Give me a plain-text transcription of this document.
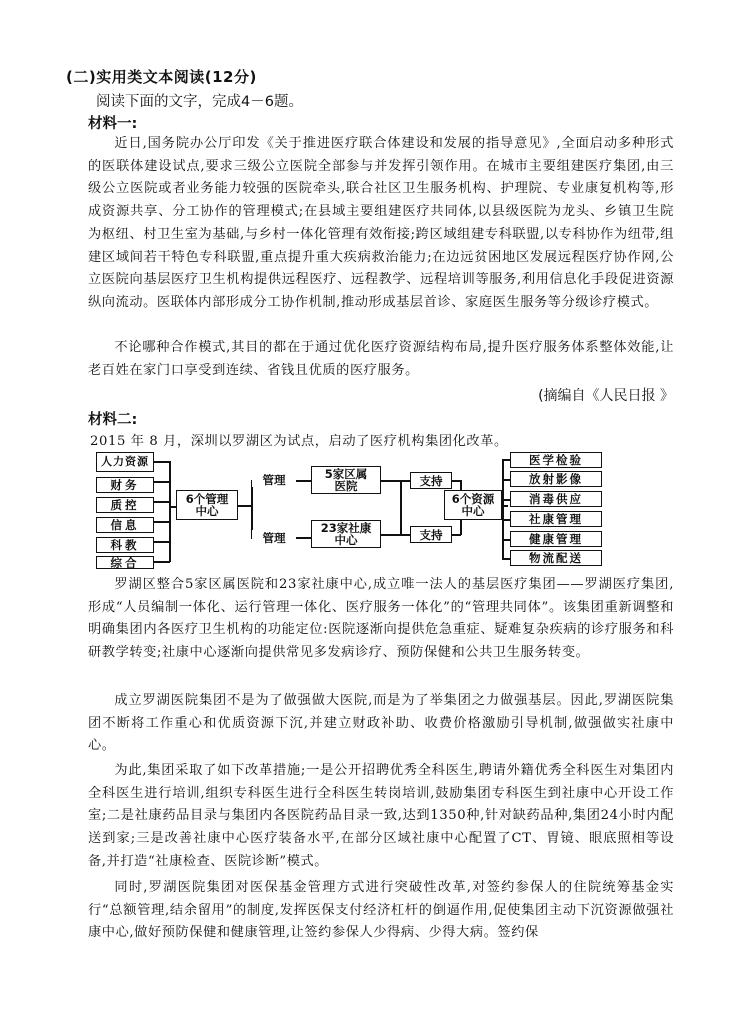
(二)实用类文本阅读(12分)
阅读下面的文字，完成4－6题。
材料一:
近日,国务院办公厅印发《关于推进医疗联合体建设和发展的指导意见》,全面启动多种形式的医联体建设试点,要求三级公立医院全部参与并发挥引领作用。在城市主要组建医疗集团,由三级公立医院或者业务能力较强的医院牵头,联合社区卫生服务机构、护理院、专业康复机构等,形成资源共享、分工协作的管理模式;在县域主要组建医疗共同体,以县级医院为龙头、乡镇卫生院为枢纽、村卫生室为基础,与乡村一体化管理有效衔接;跨区域组建专科联盟,以专科协作为纽带,组建区域间若干特色专科联盟,重点提升重大疾病救治能力;在边远贫困地区发展远程医疗协作网,公立医院向基层医疗卫生机构提供远程医疗、远程教学、远程培训等服务,利用信息化手段促进资源纵向流动。医联体内部形成分工协作机制,推动形成基层首诊、家庭医生服务等分级诊疗模式。
不论哪种合作模式,其目的都在于通过优化医疗资源结构布局,提升医疗服务体系整体效能,让老百姓在家门口享受到连续、省钱且优质的医疗服务。
(摘编自《人民日报 》
材料二:
2015 年 8 月，深圳以罗湖区为试点，启动了医疗机构集团化改革。
人力资源
财务
质控
信息
科教
综合
6个管理中心
管理
管理
5家区属医院
23家社康中心
支持
支持
6个资源中心
医学检验
放射影像
消毒供应
社康管理
健康管理
物流配送
罗湖区整合5家区属医院和23家社康中心,成立唯一法人的基层医疗集团——罗湖医疗集团,形成“人员编制一体化、运行管理一体化、医疗服务一体化”的“管理共同体”。该集团重新调整和明确集团内各医疗卫生机构的功能定位:医院逐渐向提供危急重症、疑难复杂疾病的诊疗服务和科研教学转变;社康中心逐渐向提供常见多发病诊疗、预防保健和公共卫生服务转变。
成立罗湖医院集团不是为了做强做大医院,而是为了举集团之力做强基层。因此,罗湖医院集团不断将工作重心和优质资源下沉,并建立财政补助、收费价格激励引导机制,做强做实社康中心。
为此,集团采取了如下改革措施;一是公开招聘优秀全科医生,聘请外籍优秀全科医生对集团内全科医生进行培训,组织专科医生进行全科医生转岗培训,鼓励集团专科医生到社康中心开设工作室;二是社康药品目录与集团内各医院药品目录一致,达到1350种,针对缺药品种,集团24小时内配送到家;三是改善社康中心医疗装备水平,在部分区域社康中心配置了CT、胃镜、眼底照相等设备,并打造“社康检查、医院诊断”模式。
同时,罗湖医院集团对医保基金管理方式进行突破性改革,对签约参保人的住院统筹基金实行“总额管理,结余留用”的制度,发挥医保支付经济杠杆的倒逼作用,促使集团主动下沉资源做强社康中心,做好预防保健和健康管理,让签约参保人少得病、少得大病。签约保
